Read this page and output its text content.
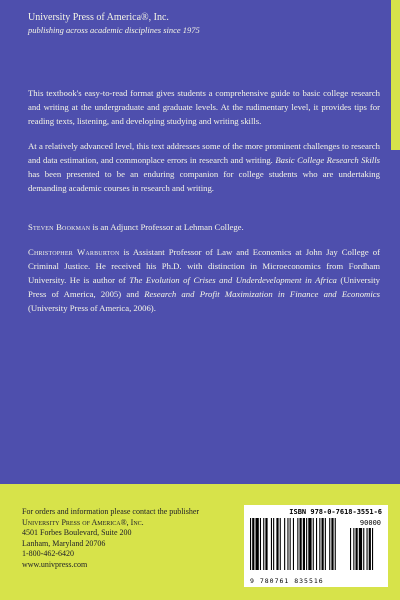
University Press of America®, Inc.
publishing across academic disciplines since 1975

This textbook's easy-to-read format gives students a comprehensive guide to basic college research and writing at the undergraduate and graduate levels. At the rudimentary level, it provides tips for reading texts, listening, and developing studying and writing skills.

At a relatively advanced level, this text addresses some of the more prominent challenges to research and data estimation, and commonplace errors in research and writing. Basic College Research Skills has been presented to be an enduring companion for college students who are undertaking demanding academic courses in research and writing.

Steven Bookman is an Adjunct Professor at Lehman College.

Christopher Warburton is Assistant Professor of Law and Economics at John Jay College of Criminal Justice. He received his Ph.D. with distinction in Microeconomics from Fordham University. He is author of The Evolution of Crises and Underdevelopment in Africa (University Press of America, 2005) and Research and Profit Maximization in Finance and Economics (University Press of America, 2006).

For orders and information please contact the publisher
University Press of America®, Inc.
4501 Forbes Boulevard, Suite 200
Lanham, Maryland 20706
1-800-462-6420
www.univpress.com
ISBN 978-0-7618-3551-6
90000
9 780761 835516
